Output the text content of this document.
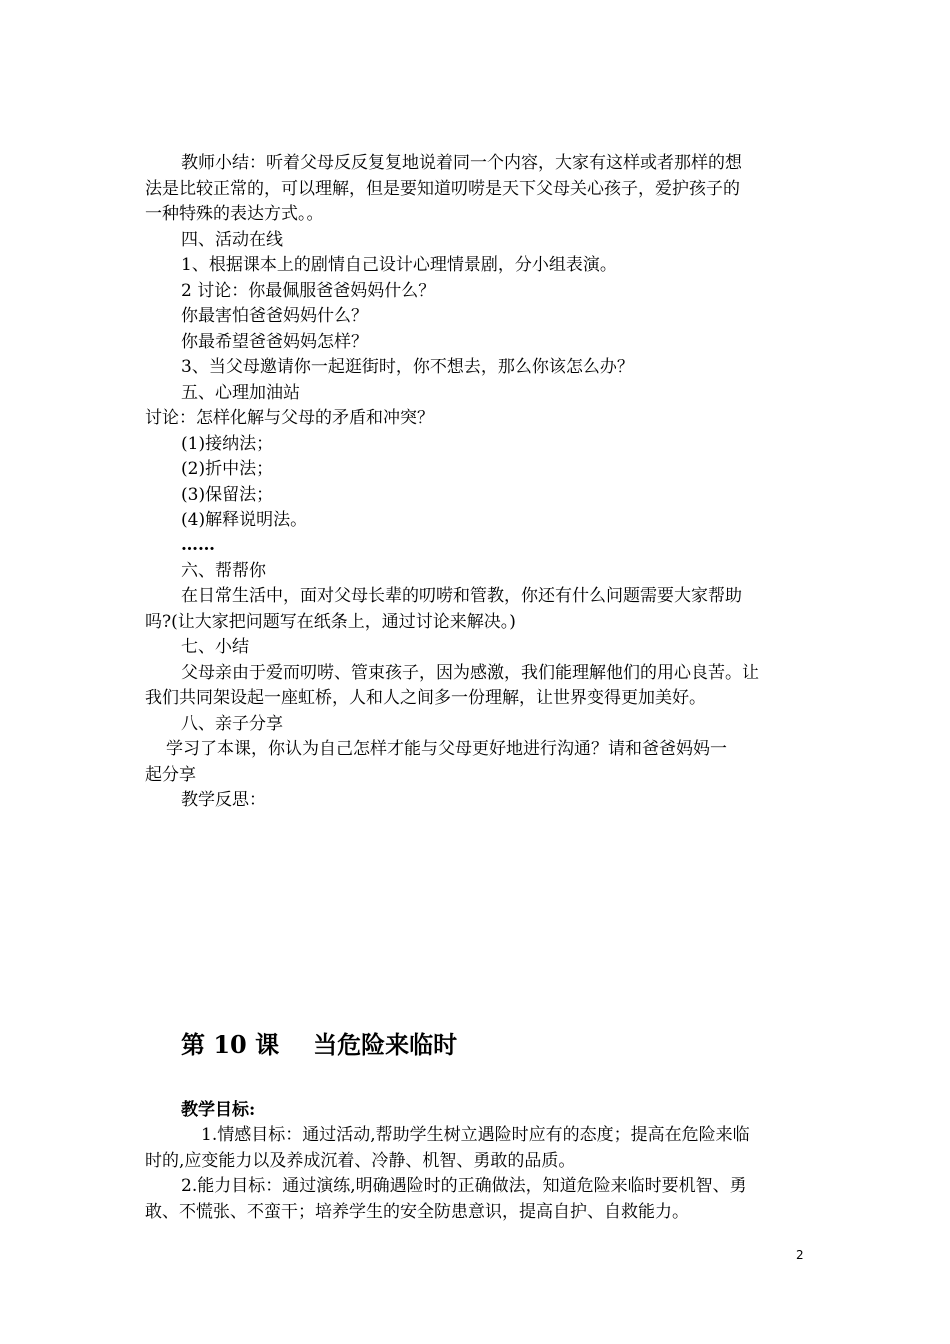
教师小结：听着父母反反复复地说着同一个内容，大家有这样或者那样的想
法是比较正常的，可以理解，但是要知道叨唠是天下父母关心孩子，爱护孩子的
一种特殊的表达方式。。
四、活动在线
1、根据课本上的剧情自己设计心理情景剧，分小组表演。
2 讨论：你最佩服爸爸妈妈什么？
你最害怕爸爸妈妈什么？
你最希望爸爸妈妈怎样？
3、当父母邀请你一起逛街时，你不想去，那么你该怎么办？
五、心理加油站
讨论：怎样化解与父母的矛盾和冲突？
(1)接纳法；
(2)折中法；
(3)保留法；
(4)解释说明法。
……
六、帮帮你
在日常生活中，面对父母长辈的叨唠和管教，你还有什么问题需要大家帮助
吗?(让大家把问题写在纸条上，通过讨论来解决。)
七、小结
父母亲由于爱而叨唠、管束孩子，因为感激，我们能理解他们的用心良苦。让
我们共同架设起一座虹桥，人和人之间多一份理解，让世界变得更加美好。
八、亲子分享
学习了本课，你认为自己怎样才能与父母更好地进行沟通？请和爸爸妈妈一
起分享
教学反思：
第 10 课 当危险来临时
教学目标:
1.情感目标：通过活动,帮助学生树立遇险时应有的态度；提高在危险来临
时的,应变能力以及养成沉着、冷静、机智、勇敢的品质。
2.能力目标：通过演练,明确遇险时的正确做法，知道危险来临时要机智、勇
敢、不慌张、不蛮干；培养学生的安全防患意识，提高自护、自救能力。
2
